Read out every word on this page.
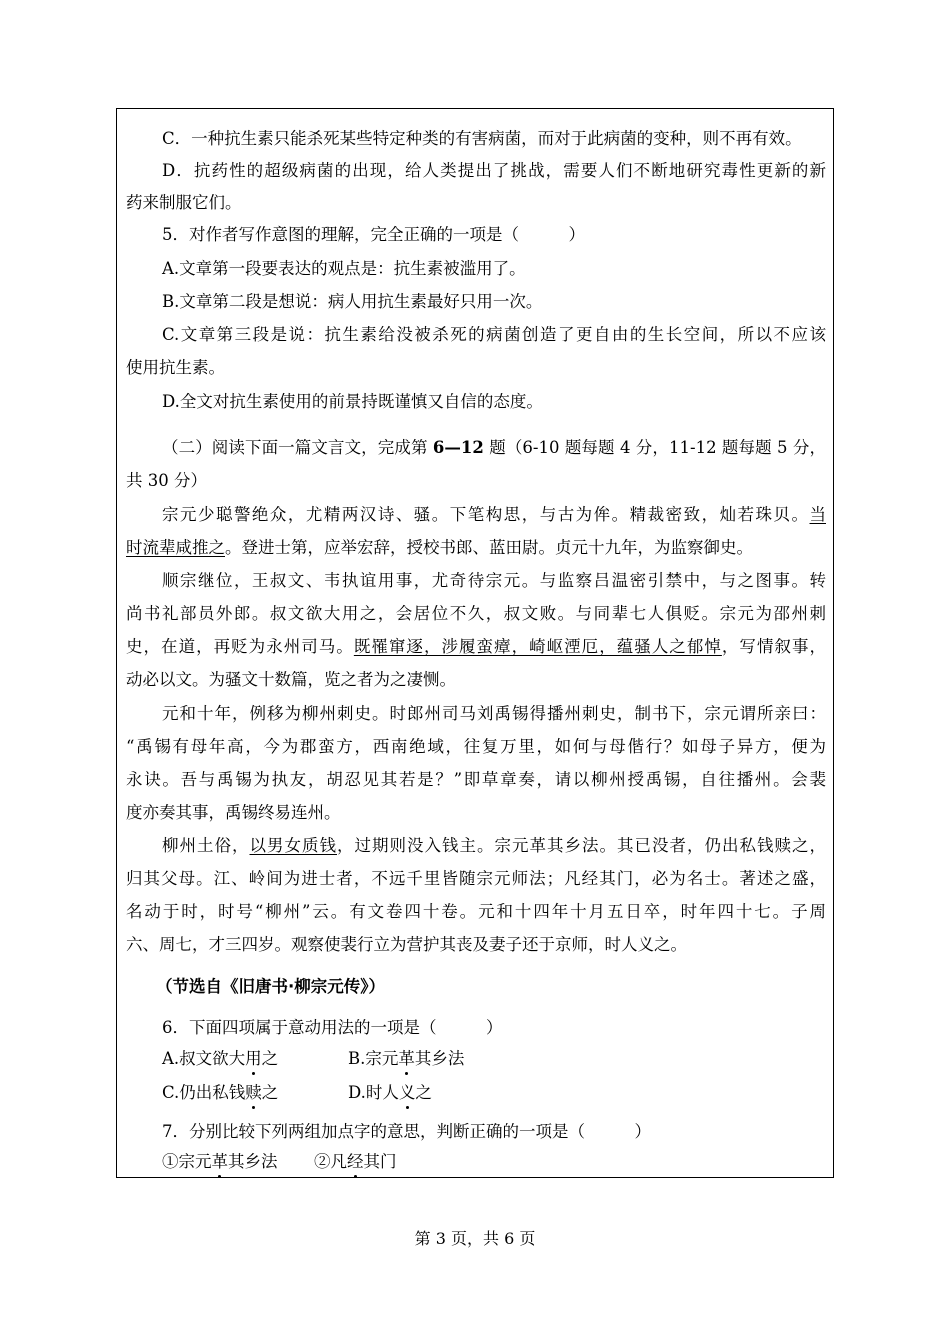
C．一种抗生素只能杀死某些特定种类的有害病菌，而对于此病菌的变种，则不再有效。
D．抗药性的超级病菌的出现，给人类提出了挑战，需要人们不断地研究毒性更新的新
药来制服它们。
5．对作者写作意图的理解，完全正确的一项是（　　　）
A.文章第一段要表达的观点是：抗生素被滥用了。
B.文章第二段是想说：病人用抗生素最好只用一次。
C.文章第三段是说：抗生素给没被杀死的病菌创造了更自由的生长空间，所以不应该
使用抗生素。
D.全文对抗生素使用的前景持既谨慎又自信的态度。
（二）阅读下面一篇文言文，完成第 6—12 题（6-10 题每题 4 分，11-12 题每题 5 分，
共 30 分）
宗元少聪警绝众，尤精两汉诗、骚。下笔构思，与古为侔。精裁密致，灿若珠贝。当
时流辈咸推之。登进士第，应举宏辞，授校书郎、蓝田尉。贞元十九年，为监察御史。
顺宗继位，王叔文、韦执谊用事，尤奇待宗元。与监察吕温密引禁中，与之图事。转
尚书礼部员外郎。叔文欲大用之，会居位不久，叔文败。与同辈七人俱贬。宗元为邵州刺
史，在道，再贬为永州司马。既罹窜逐，涉履蛮瘴，崎岖湮厄，蕴骚人之郁悼，写情叙事，
动必以文。为骚文十数篇，览之者为之凄恻。
元和十年，例移为柳州刺史。时郎州司马刘禹锡得播州刺史，制书下，宗元谓所亲曰：
“禹锡有母年高，今为郡蛮方，西南绝域，往复万里，如何与母偕行？如母子异方，便为
永诀。吾与禹锡为执友，胡忍见其若是？”即草章奏，请以柳州授禹锡，自往播州。会裴
度亦奏其事，禹锡终易连州。
柳州土俗，以男女质钱，过期则没入钱主。宗元革其乡法。其已没者，仍出私钱赎之，
归其父母。江、岭间为进士者，不远千里皆随宗元师法；凡经其门，必为名士。著述之盛，
名动于时，时号“柳州”云。有文卷四十卷。元和十四年十月五日卒，时年四十七。子周
六、周七，才三四岁。观察使裴行立为营护其丧及妻子还于京师，时人义之。
（节选自《旧唐书·柳宗元传》）
6．下面四项属于意动用法的一项是（　　　）
A.叔文欲大用之	B.宗元革其乡法
C.仍出私钱赎之	D.时人义之
7．分别比较下列两组加点字的意思，判断正确的一项是（　　　）
①宗元革其乡法 ②凡经其门
第 3 页，共 6 页
